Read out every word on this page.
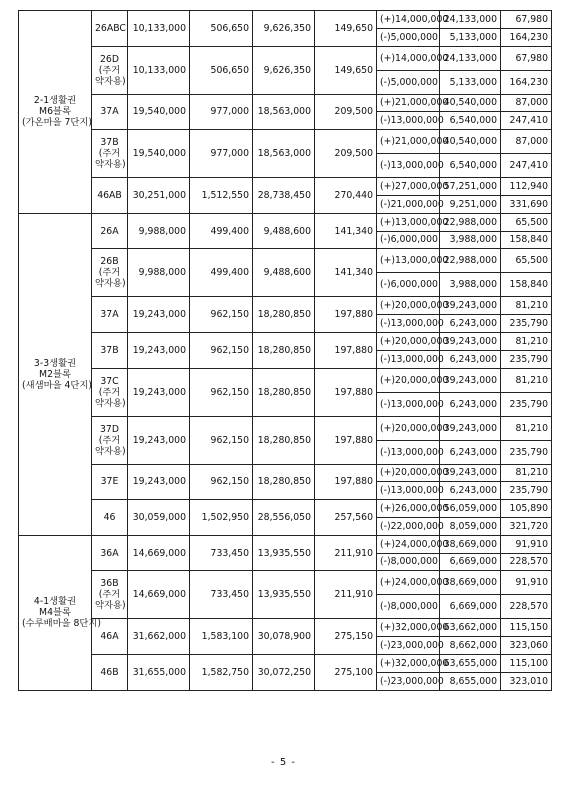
2-1생활권
M6블록
(가온마을 7단지)	26ABC	10,133,000	506,650	9,626,350	149,650	(+)14,000,000	24,133,000	67,980
						(-)5,000,000	5,133,000	164,230

	26D
(주거
약자용)	10,133,000	506,650	9,626,350	149,650	(+)14,000,000	24,133,000	67,980
						(-)5,000,000	5,133,000	164,230

	37A	19,540,000	977,000	18,563,000	209,500	(+)21,000,000	40,540,000	87,000
						(-)13,000,000	6,540,000	247,410

	37B
(주거
약자용)	19,540,000	977,000	18,563,000	209,500	(+)21,000,000	40,540,000	87,000
						(-)13,000,000	6,540,000	247,410

	46AB	30,251,000	1,512,550	28,738,450	270,440	(+)27,000,000	57,251,000	112,940
						(-)21,000,000	9,251,000	331,690

3-3생활권
M2블록
(새샘마을 4단지)	26A	9,988,000	499,400	9,488,600	141,340	(+)13,000,000	22,988,000	65,500
						(-)6,000,000	3,988,000	158,840

	26B
(주거
약자용)	9,988,000	499,400	9,488,600	141,340	(+)13,000,000	22,988,000	65,500
						(-)6,000,000	3,988,000	158,840

	37A	19,243,000	962,150	18,280,850	197,880	(+)20,000,000	39,243,000	81,210
						(-)13,000,000	6,243,000	235,790

	37B	19,243,000	962,150	18,280,850	197,880	(+)20,000,000	39,243,000	81,210
						(-)13,000,000	6,243,000	235,790

	37C
(주거
약자용)	19,243,000	962,150	18,280,850	197,880	(+)20,000,000	39,243,000	81,210
						(-)13,000,000	6,243,000	235,790

	37D
(주거
약자용)	19,243,000	962,150	18,280,850	197,880	(+)20,000,000	39,243,000	81,210
						(-)13,000,000	6,243,000	235,790

	37E	19,243,000	962,150	18,280,850	197,880	(+)20,000,000	39,243,000	81,210
						(-)13,000,000	6,243,000	235,790

	46	30,059,000	1,502,950	28,556,050	257,560	(+)26,000,000	56,059,000	105,890
						(-)22,000,000	8,059,000	321,720

4-1생활권
M4블록
(수루배마을 8단지)	36A	14,669,000	733,450	13,935,550	211,910	(+)24,000,000	38,669,000	91,910
						(-)8,000,000	6,669,000	228,570

	36B
(주거
약자용)	14,669,000	733,450	13,935,550	211,910	(+)24,000,000	38,669,000	91,910
						(-)8,000,000	6,669,000	228,570

	46A	31,662,000	1,583,100	30,078,900	275,150	(+)32,000,000	63,662,000	115,150
						(-)23,000,000	8,662,000	323,060

	46B	31,655,000	1,582,750	30,072,250	275,100	(+)32,000,000	63,655,000	115,100
						(-)23,000,000	8,655,000	323,010
- 5 -
